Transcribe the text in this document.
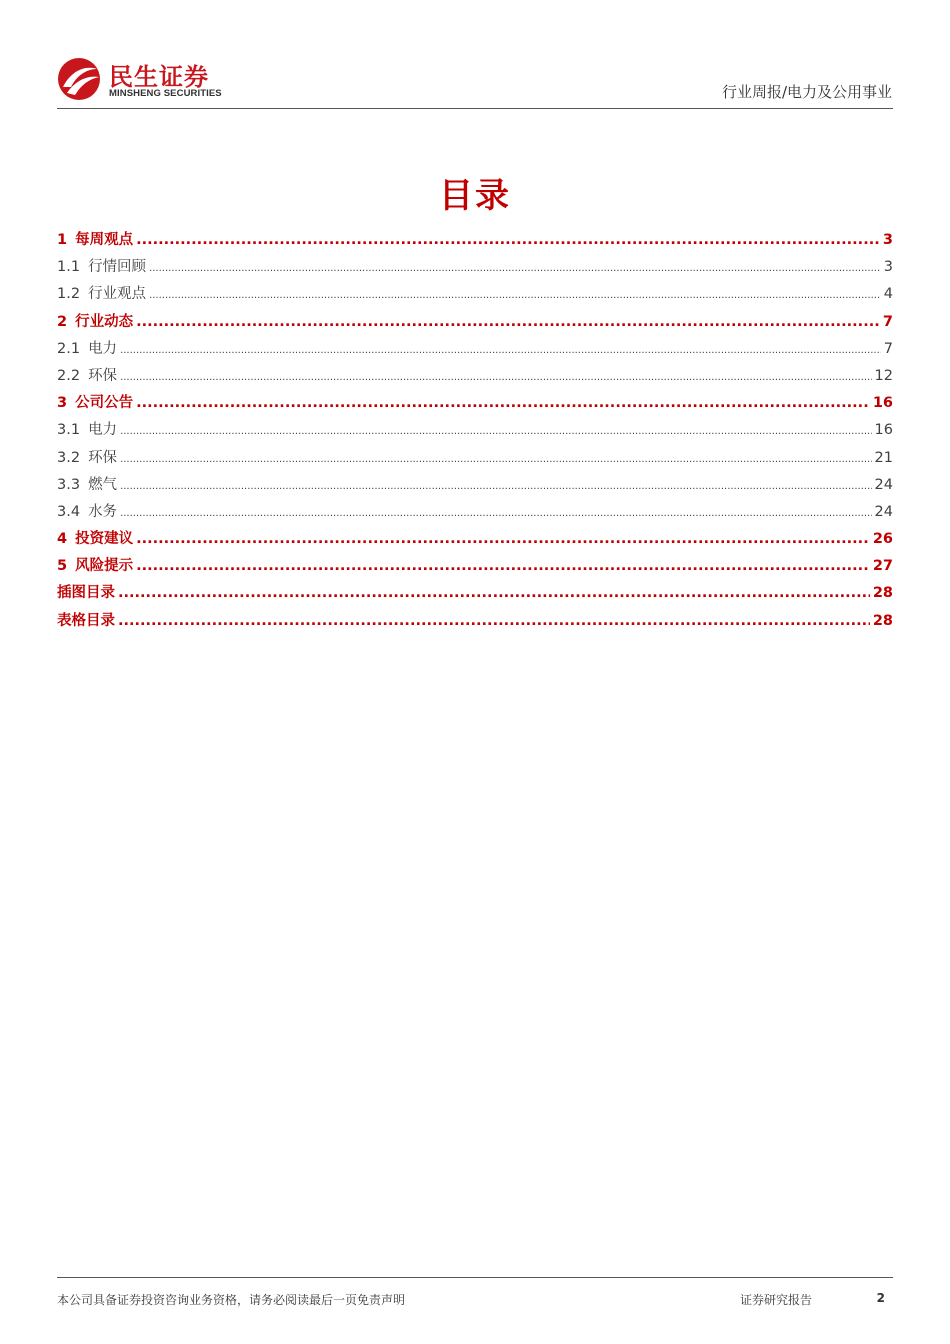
民生证券
MINSHENG SECURITIES	行业周报/电力及公用事业
目录
1 每周观点 .....	3
1.1 行情回顾 .....	3
1.2 行业观点 .....	4
2 行业动态 .....	7
2.1 电力 .....	7
2.2 环保 .....	12
3 公司公告 .....	16
3.1 电力 .....	16
3.2 环保 .....	21
3.3 燃气 .....	24
3.4 水务 .....	24
4 投资建议 .....	26
5 风险提示 .....	27
插图目录 .....	28
表格目录 .....	28
本公司具备证券投资咨询业务资格，请务必阅读最后一页免责声明	证券研究报告	2
